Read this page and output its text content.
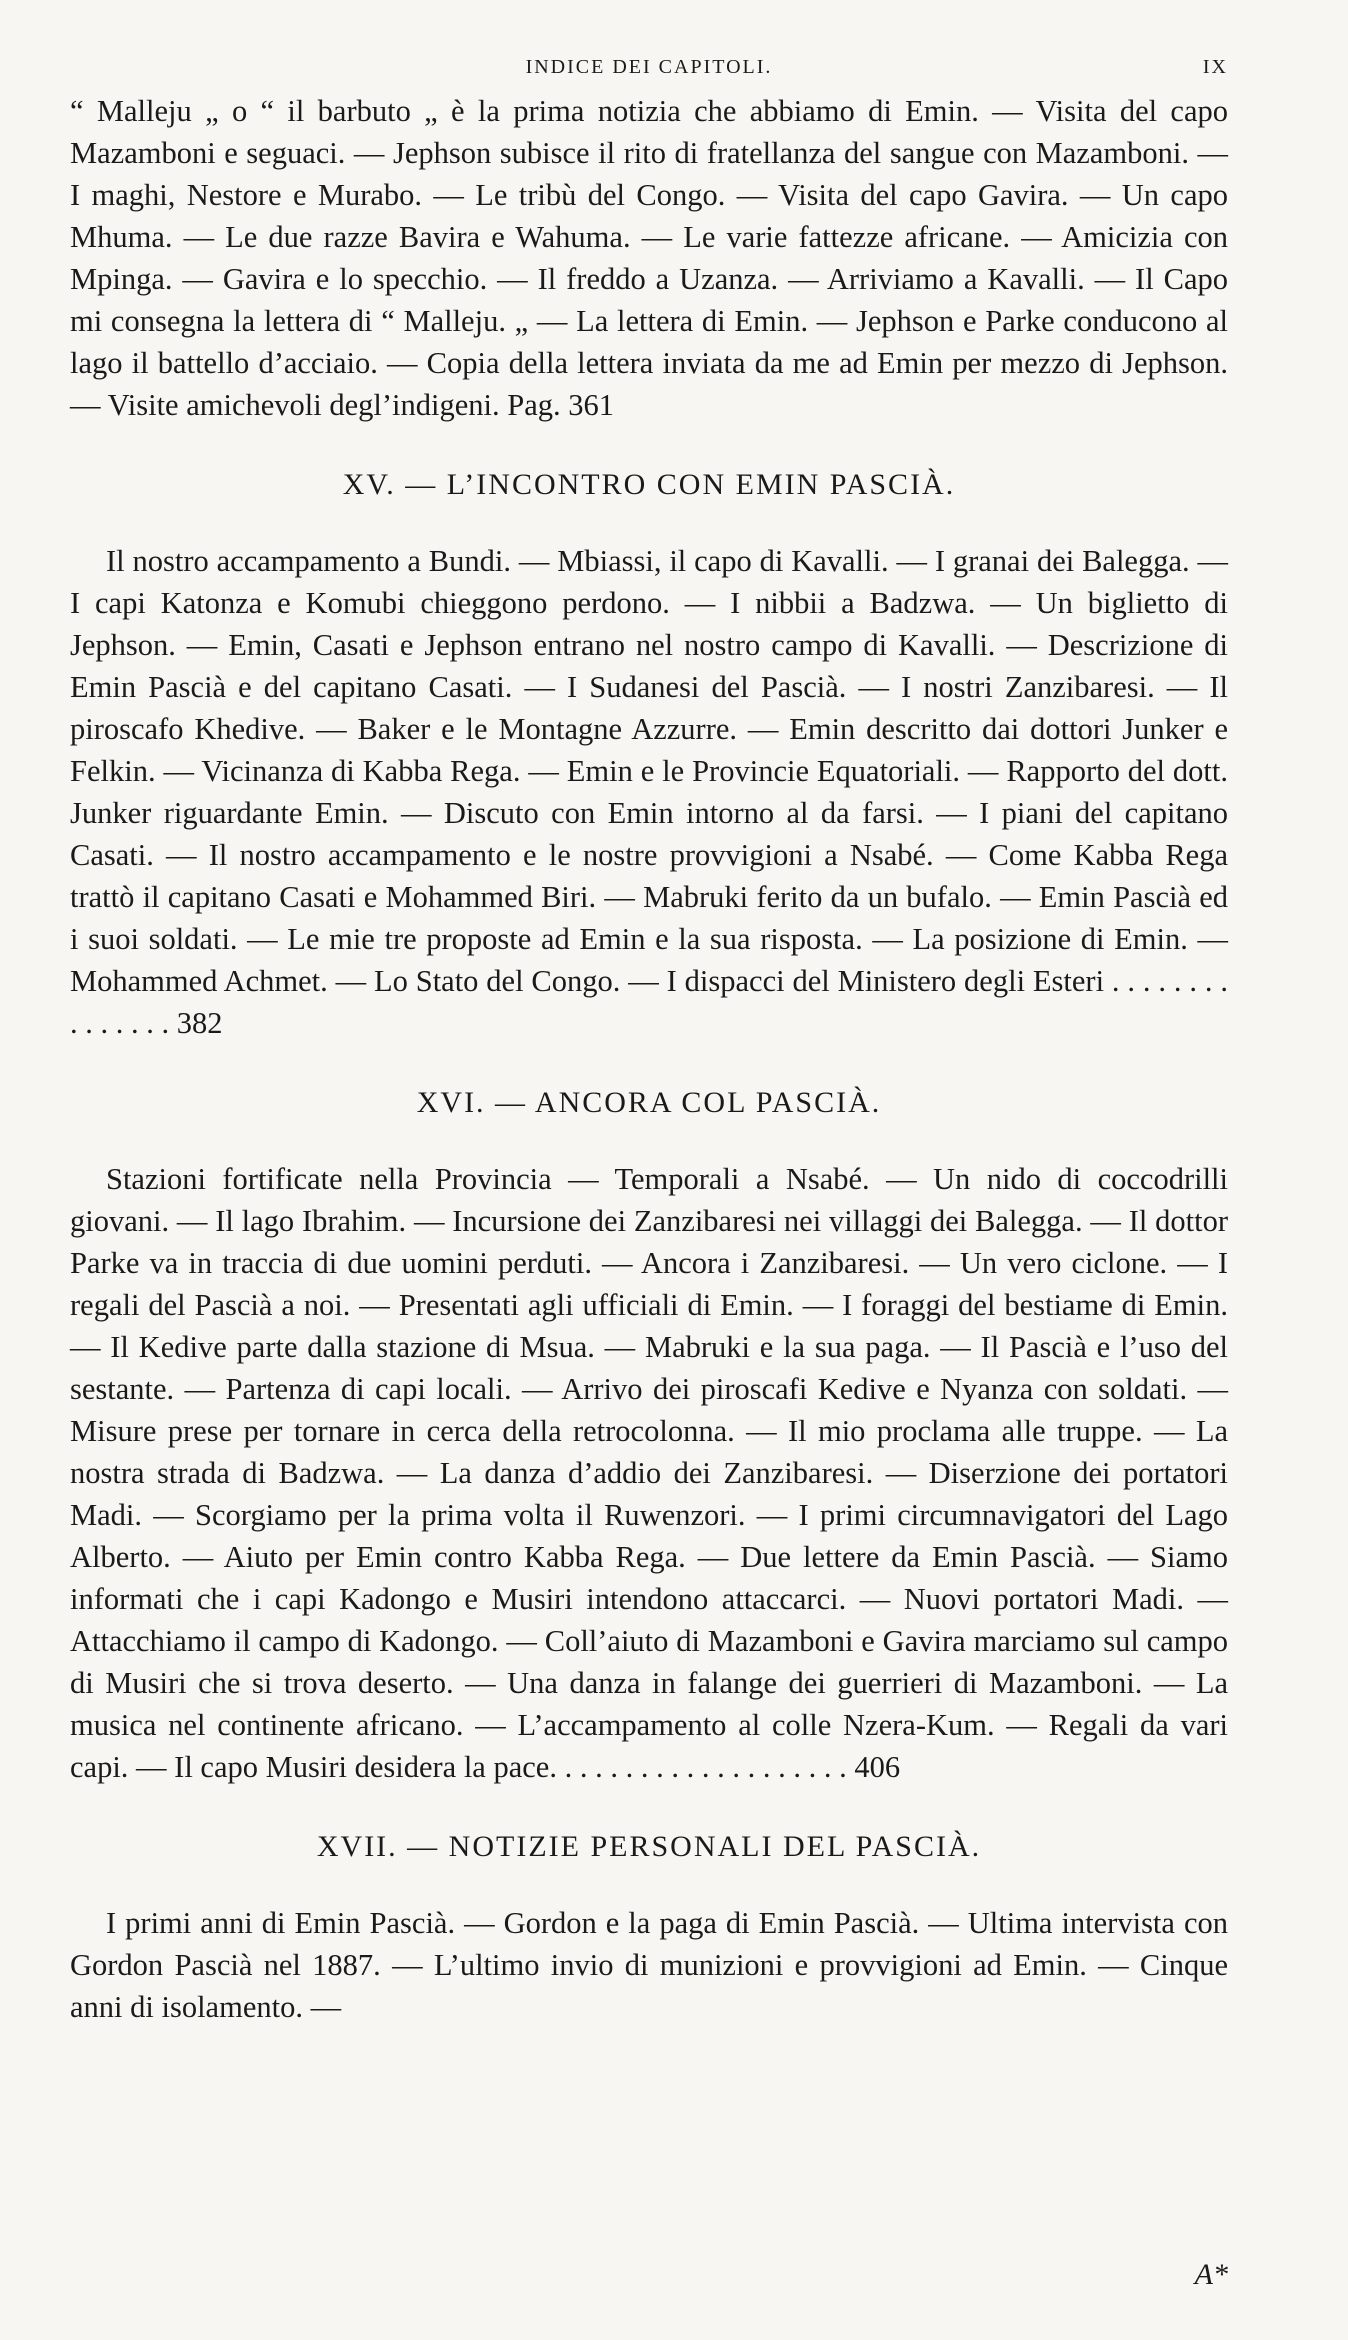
INDICE DEI CAPITOLI.	IX

“ Malleju „ o “ il barbuto „ è la prima notizia che abbiamo di Emin. — Visita del capo Mazamboni e seguaci. — Jephson subisce il rito di fratellanza del sangue con Mazamboni. — I maghi, Nestore e Murabo. — Le tribù del Congo. — Visita del capo Gavira. — Un capo Mhuma. — Le due razze Bavira e Wahuma. — Le varie fattezze africane. — Amicizia con Mpinga. — Gavira e lo specchio. — Il freddo a Uzanza. — Arriviamo a Kavalli. — Il Capo mi consegna la lettera di “ Malleju. „ — La lettera di Emin. — Jephson e Parke conducono al lago il battello d’acciaio. — Copia della lettera inviata da me ad Emin per mezzo di Jephson. — Visite amichevoli degl’indigeni. Pag. 361

XV. — L’INCONTRO CON EMIN PASCIÀ.

Il nostro accampamento a Bundi. — Mbiassi, il capo di Kavalli. — I granai dei Balegga. — I capi Katonza e Komubi chieggono perdono. — I nibbii a Badzwa. — Un biglietto di Jephson. — Emin, Casati e Jephson entrano nel nostro campo di Kavalli. — Descrizione di Emin Pascià e del capitano Casati. — I Sudanesi del Pascià. — I nostri Zanzibaresi. — Il piroscafo Khedive. — Baker e le Montagne Azzurre. — Emin descritto dai dottori Junker e Felkin. — Vicinanza di Kabba Rega. — Emin e le Provincie Equatoriali. — Rapporto del dott. Junker riguardante Emin. — Discuto con Emin intorno al da farsi. — I piani del capitano Casati. — Il nostro accampamento e le nostre provvigioni a Nsabé. — Come Kabba Rega trattò il capitano Casati e Mohammed Biri. — Mabruki ferito da un bufalo. — Emin Pascià ed i suoi soldati. — Le mie tre proposte ad Emin e la sua risposta. — La posizione di Emin. — Mohammed Achmet. — Lo Stato del Congo. — I dispacci del Ministero degli Esteri . . . . . . . . . . . . . . . 382

XVI. — ANCORA COL PASCIÀ.

Stazioni fortificate nella Provincia — Temporali a Nsabé. — Un nido di coccodrilli giovani. — Il lago Ibrahim. — Incursione dei Zanzibaresi nei villaggi dei Balegga. — Il dottor Parke va in traccia di due uomini perduti. — Ancora i Zanzibaresi. — Un vero ciclone. — I regali del Pascià a noi. — Presentati agli ufficiali di Emin. — I foraggi del bestiame di Emin. — Il Kedive parte dalla stazione di Msua. — Mabruki e la sua paga. — Il Pascià e l’uso del sestante. — Partenza di capi locali. — Arrivo dei piroscafi Kedive e Nyanza con soldati. — Misure prese per tornare in cerca della retrocolonna. — Il mio proclama alle truppe. — La nostra strada di Badzwa. — La danza d’addio dei Zanzibaresi. — Diserzione dei portatori Madi. — Scorgiamo per la prima volta il Ruwenzori. — I primi circumnavigatori del Lago Alberto. — Aiuto per Emin contro Kabba Rega. — Due lettere da Emin Pascià. — Siamo informati che i capi Kadongo e Musiri intendono attaccarci. — Nuovi portatori Madi. — Attacchiamo il campo di Kadongo. — Coll’aiuto di Mazamboni e Gavira marciamo sul campo di Musiri che si trova deserto. — Una danza in falange dei guerrieri di Mazamboni. — La musica nel continente africano. — L’accampamento al colle Nzera-Kum. — Regali da vari capi. — Il capo Musiri desidera la pace. . . . . . . . . . . . . . . . . . . . 406

XVII. — NOTIZIE PERSONALI DEL PASCIÀ.

I primi anni di Emin Pascià. — Gordon e la paga di Emin Pascià. — Ultima intervista con Gordon Pascià nel 1887. — L’ultimo invio di munizioni e provvigioni ad Emin. — Cinque anni di isolamento. —

A*
